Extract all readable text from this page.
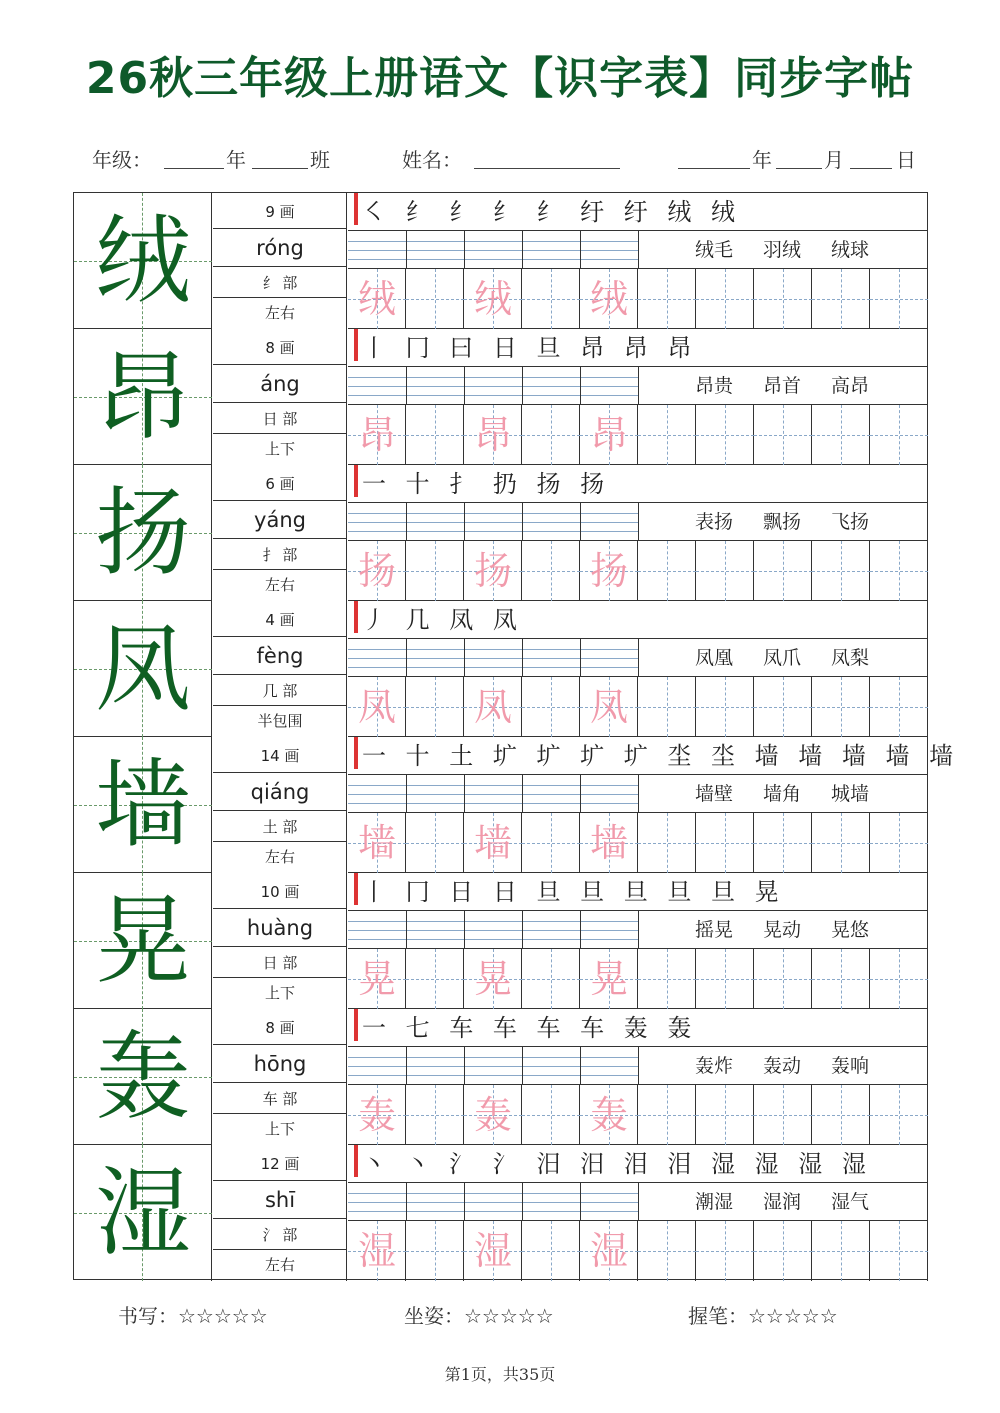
26秋三年级上册语文【识字表】同步字帖
年级：	年	班	姓名：	年	月	日
绒	9 画
róng
纟 部
左右
㇛ 纟 纟 纟 纟 纡 纡 绒 绒
绒毛 羽绒 绒球
绒 绒 绒
昂	8 画
áng
日 部
上下
丨 冂 曰 日 旦 昂 昂 昂
昂贵 昂首 高昂
昂 昂 昂
扬	6 画
yáng
扌 部
左右
一 十 扌 扔 扬 扬
表扬 飘扬 飞扬
扬 扬 扬
凤	4 画
fèng
几 部
半包围
丿 几 凤 凤
凤凰 凤爪 凤梨
凤 凤 凤
墙	14 画
qiáng
土 部
左右
一 十 土 圹 圹 圹 圹 坔 坔 墙 墙 墙 墙 墙
墙壁 墙角 城墙
墙 墙 墙
晃	10 画
huàng
日 部
上下
丨 冂 日 日 旦 旦 旦 旦 旦 晃
摇晃 晃动 晃悠
晃 晃 晃
轰	8 画
hōng
车 部
上下
一 七 车 车 车 车 轰 轰
轰炸 轰动 轰响
轰 轰 轰
湿	12 画
shī
氵 部
左右
丶 丶 氵 氵 汨 汨 泪 泪 湿 湿 湿 湿
潮湿 湿润 湿气
湿 湿 湿
书写：☆☆☆☆☆	坐姿：☆☆☆☆☆	握笔：☆☆☆☆☆
第1页，共35页
